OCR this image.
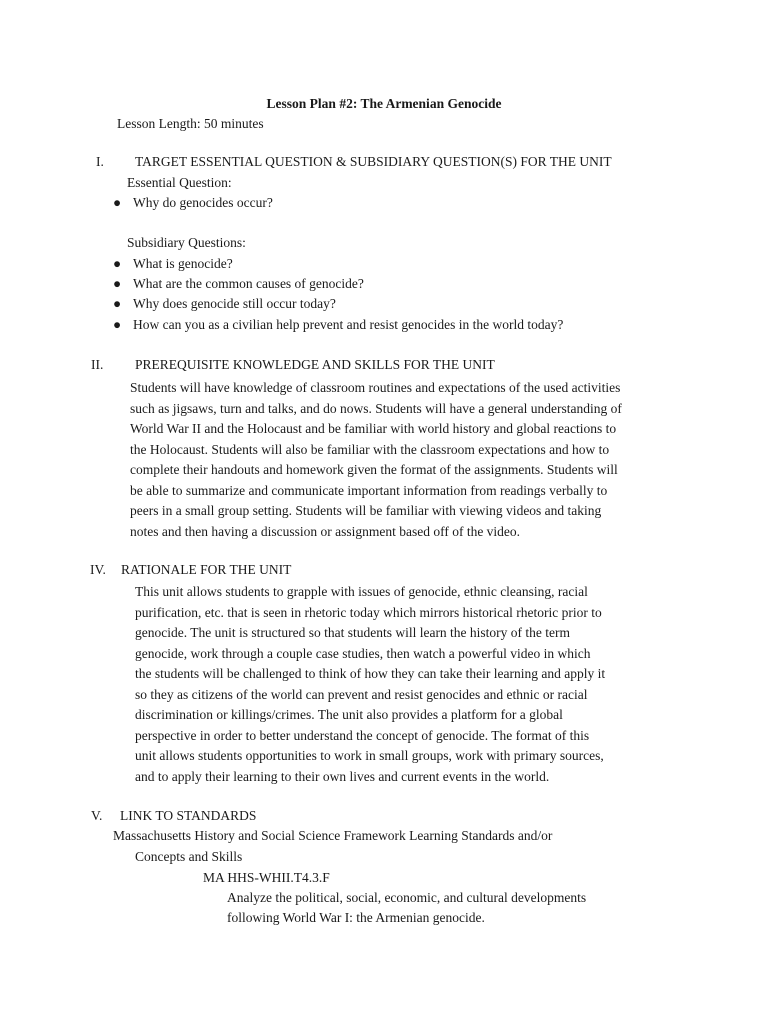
Lesson Plan #2: The Armenian Genocide
Lesson Length: 50 minutes
I. TARGET ESSENTIAL QUESTION & SUBSIDIARY QUESTION(S) FOR THE UNIT
Essential Question:
● Why do genocides occur?
Subsidiary Questions:
● What is genocide?
● What are the common causes of genocide?
● Why does genocide still occur today?
● How can you as a civilian help prevent and resist genocides in the world today?
II. PREREQUISITE KNOWLEDGE AND SKILLS FOR THE UNIT
Students will have knowledge of classroom routines and expectations of the used activities
such as jigsaws, turn and talks, and do nows. Students will have a general understanding of
World War II and the Holocaust and be familiar with world history and global reactions to
the Holocaust. Students will also be familiar with the classroom expectations and how to
complete their handouts and homework given the format of the assignments. Students will
be able to summarize and communicate important information from readings verbally to
peers in a small group setting. Students will be familiar with viewing videos and taking
notes and then having a discussion or assignment based off of the video.
IV. RATIONALE FOR THE UNIT
This unit allows students to grapple with issues of genocide, ethnic cleansing, racial
purification, etc. that is seen in rhetoric today which mirrors historical rhetoric prior to
genocide. The unit is structured so that students will learn the history of the term
genocide, work through a couple case studies, then watch a powerful video in which
the students will be challenged to think of how they can take their learning and apply it
so they as citizens of the world can prevent and resist genocides and ethnic or racial
discrimination or killings/crimes. The unit also provides a platform for a global
perspective in order to better understand the concept of genocide. The format of this
unit allows students opportunities to work in small groups, work with primary sources,
and to apply their learning to their own lives and current events in the world.
V. LINK TO STANDARDS
Massachusetts History and Social Science Framework Learning Standards and/or
Concepts and Skills
MA HHS-WHII.T4.3.F
Analyze the political, social, economic, and cultural developments
following World War I: the Armenian genocide.
